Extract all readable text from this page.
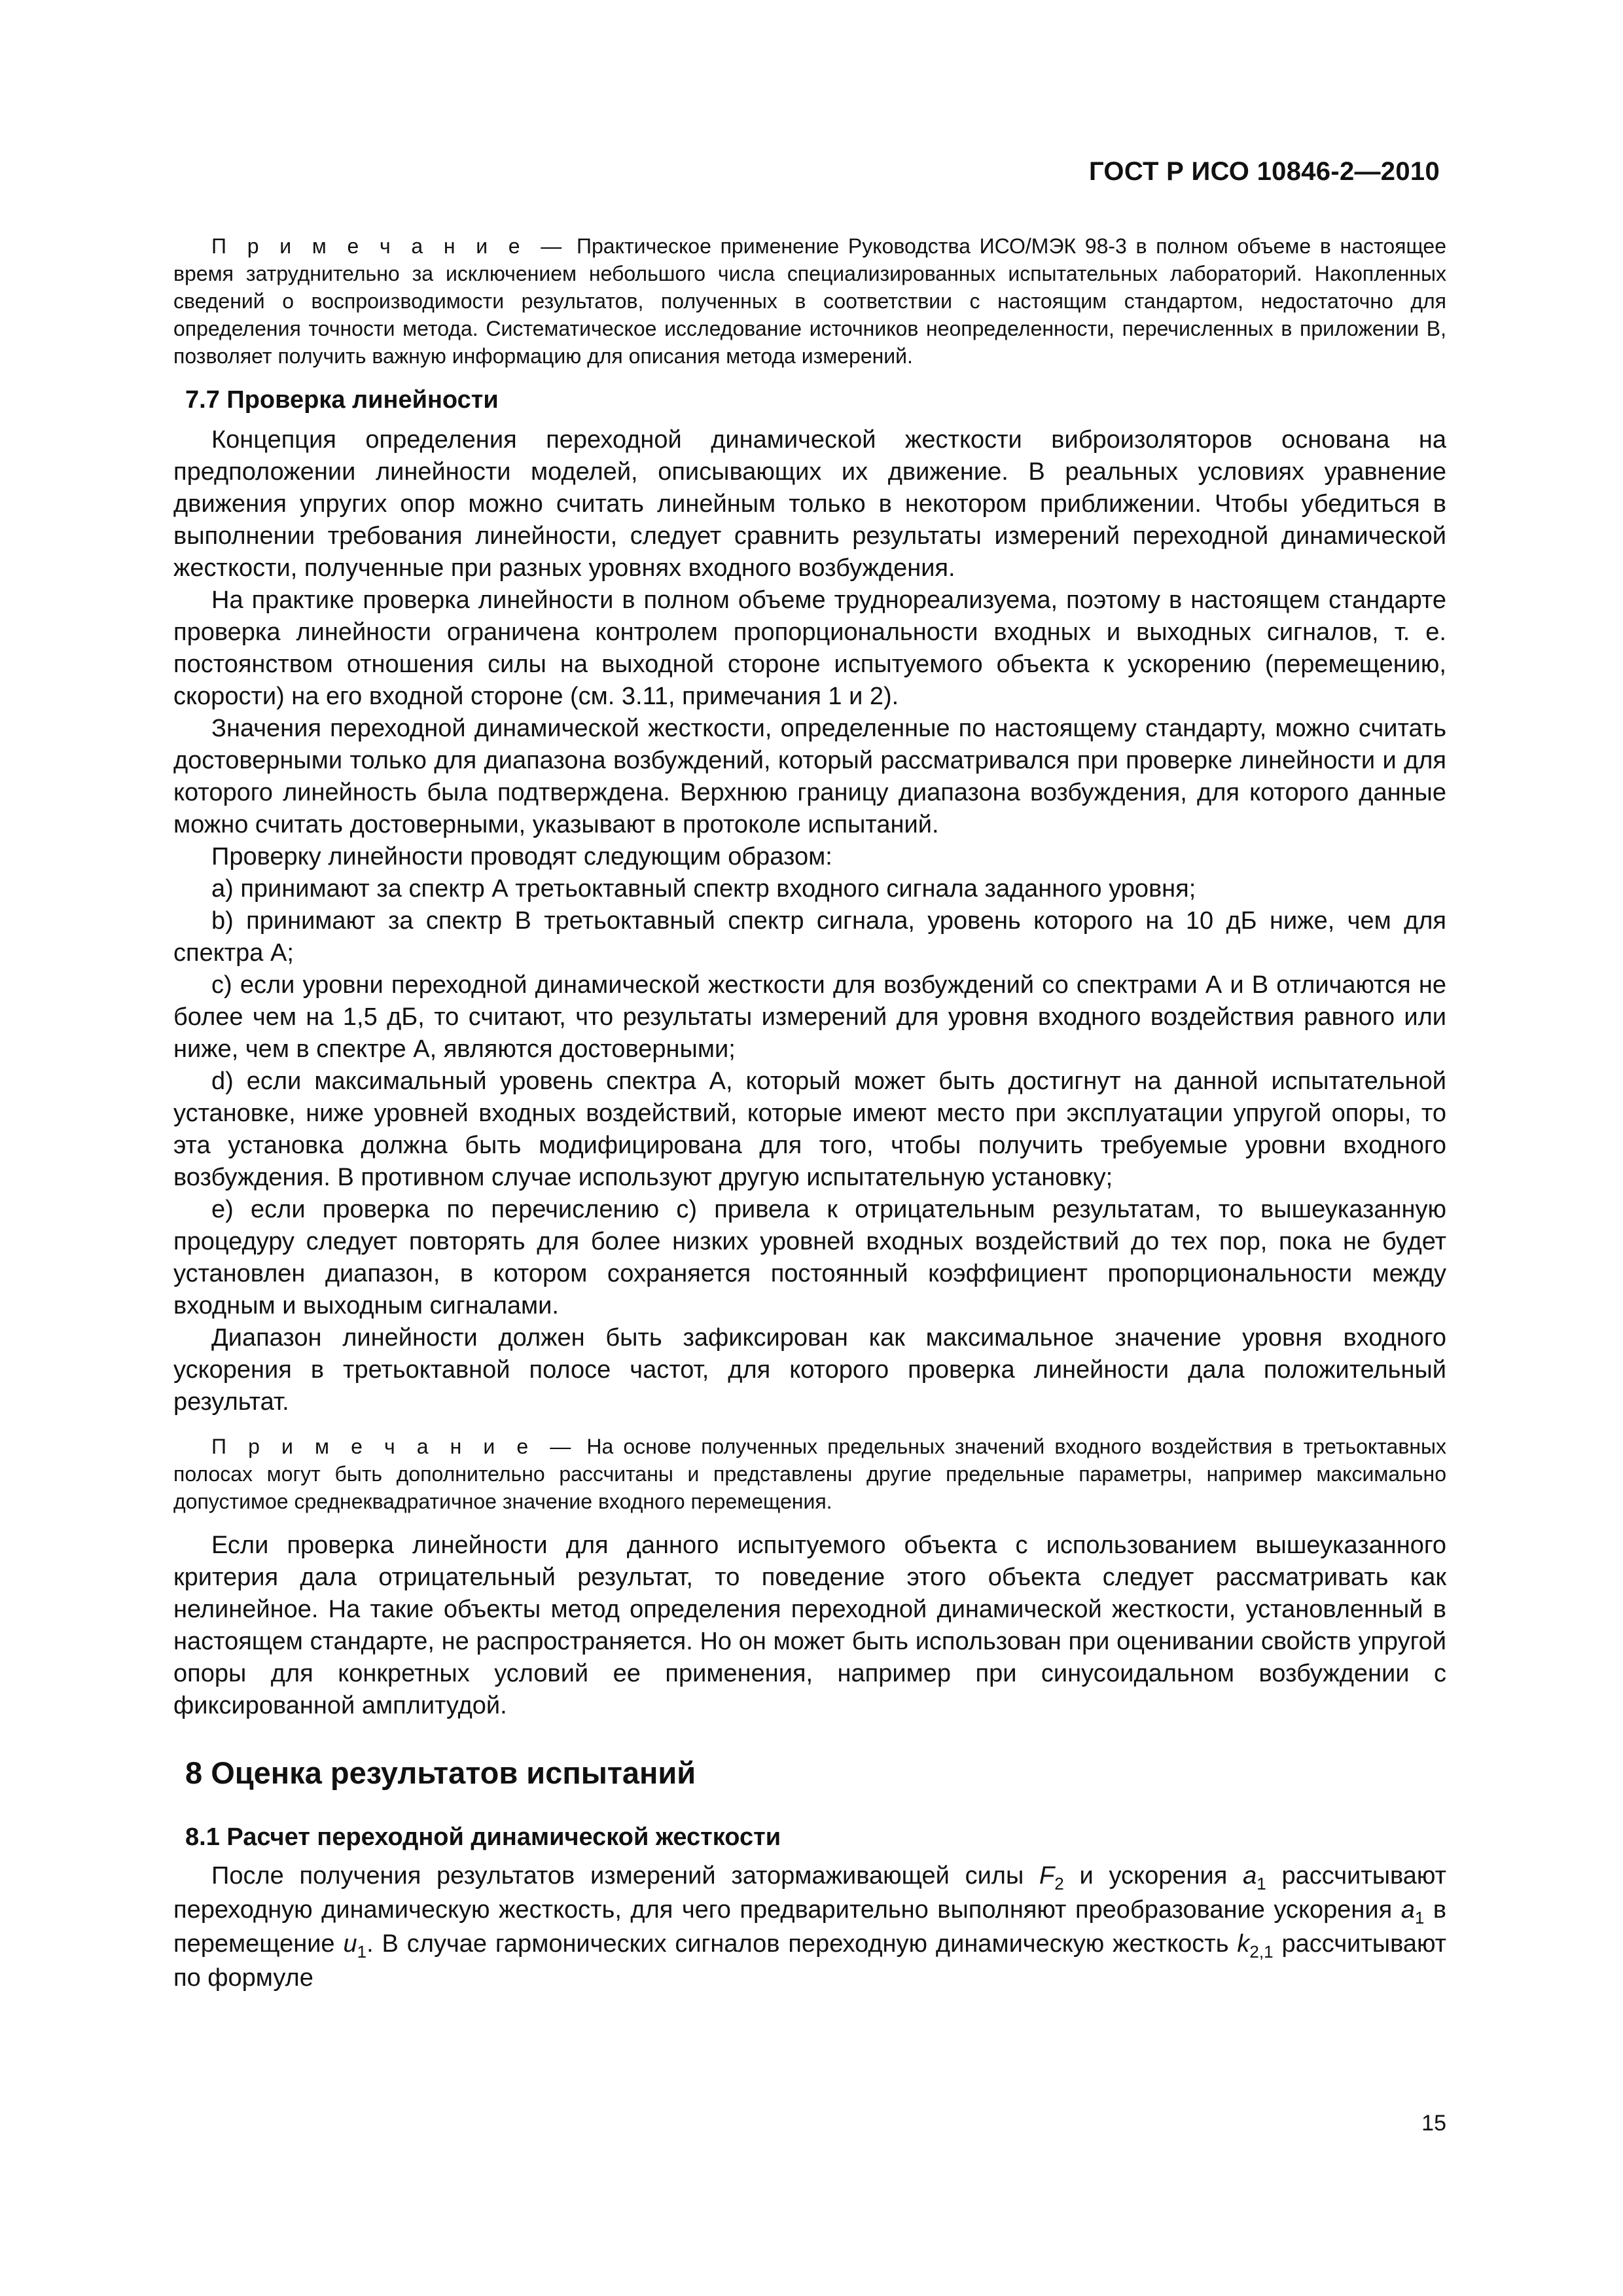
ГОСТ Р ИСО 10846-2—2010

П р и м е ч а н и е — Практическое применение Руководства ИСО/МЭК 98-3 в полном объеме в настоящее время затруднительно за исключением небольшого числа специализированных испытательных лабораторий. Накопленных сведений о воспроизводимости результатов, полученных в соответствии с настоящим стандартом, недостаточно для определения точности метода. Систематическое исследование источников неопределенности, перечисленных в приложении В, позволяет получить важную информацию для описания метода измерений.

7.7 Проверка линейности

Концепция определения переходной динамической жесткости виброизоляторов основана на предположении линейности моделей, описывающих их движение. В реальных условиях уравнение движения упругих опор можно считать линейным только в некотором приближении. Чтобы убедиться в выполнении требования линейности, следует сравнить результаты измерений переходной динамической жесткости, полученные при разных уровнях входного возбуждения.

На практике проверка линейности в полном объеме труднореализуема, поэтому в настоящем стандарте проверка линейности ограничена контролем пропорциональности входных и выходных сигналов, т. е. постоянством отношения силы на выходной стороне испытуемого объекта к ускорению (перемещению, скорости) на его входной стороне (см. 3.11, примечания 1 и 2).

Значения переходной динамической жесткости, определенные по настоящему стандарту, можно считать достоверными только для диапазона возбуждений, который рассматривался при проверке линейности и для которого линейность была подтверждена. Верхнюю границу диапазона возбуждения, для которого данные можно считать достоверными, указывают в протоколе испытаний.

Проверку линейности проводят следующим образом:

а) принимают за спектр А третьоктавный спектр входного сигнала заданного уровня;

b) принимают за спектр В третьоктавный спектр сигнала, уровень которого на 10 дБ ниже, чем для спектра А;

c) если уровни переходной динамической жесткости для возбуждений со спектрами А и В отличаются не более чем на 1,5 дБ, то считают, что результаты измерений для уровня входного воздействия равного или ниже, чем в спектре А, являются достоверными;

d) если максимальный уровень спектра А, который может быть достигнут на данной испытательной установке, ниже уровней входных воздействий, которые имеют место при эксплуатации упругой опоры, то эта установка должна быть модифицирована для того, чтобы получить требуемые уровни входного возбуждения. В противном случае используют другую испытательную установку;

e) если проверка по перечислению с) привела к отрицательным результатам, то вышеуказанную процедуру следует повторять для более низких уровней входных воздействий до тех пор, пока не будет установлен диапазон, в котором сохраняется постоянный коэффициент пропорциональности между входным и выходным сигналами.

Диапазон линейности должен быть зафиксирован как максимальное значение уровня входного ускорения в третьоктавной полосе частот, для которого проверка линейности дала положительный результат.

П р и м е ч а н и е — На основе полученных предельных значений входного воздействия в третьоктавных полосах могут быть дополнительно рассчитаны и представлены другие предельные параметры, например максимально допустимое среднеквадратичное значение входного перемещения.

Если проверка линейности для данного испытуемого объекта с использованием вышеуказанного критерия дала отрицательный результат, то поведение этого объекта следует рассматривать как нелинейное. На такие объекты метод определения переходной динамической жесткости, установленный в настоящем стандарте, не распространяется. Но он может быть использован при оценивании свойств упругой опоры для конкретных условий ее применения, например при синусоидальном возбуждении с фиксированной амплитудой.

8 Оценка результатов испытаний
8.1 Расчет переходной динамической жесткости

После получения результатов измерений затормаживающей силы $F_2$ и ускорения $a_1$ рассчитывают переходную динамическую жесткость, для чего предварительно выполняют преобразование ускорения $a_1$ в перемещение $u_1$. В случае гармонических сигналов переходную динамическую жесткость $k_{2,1}$ рассчитывают по формуле

15
